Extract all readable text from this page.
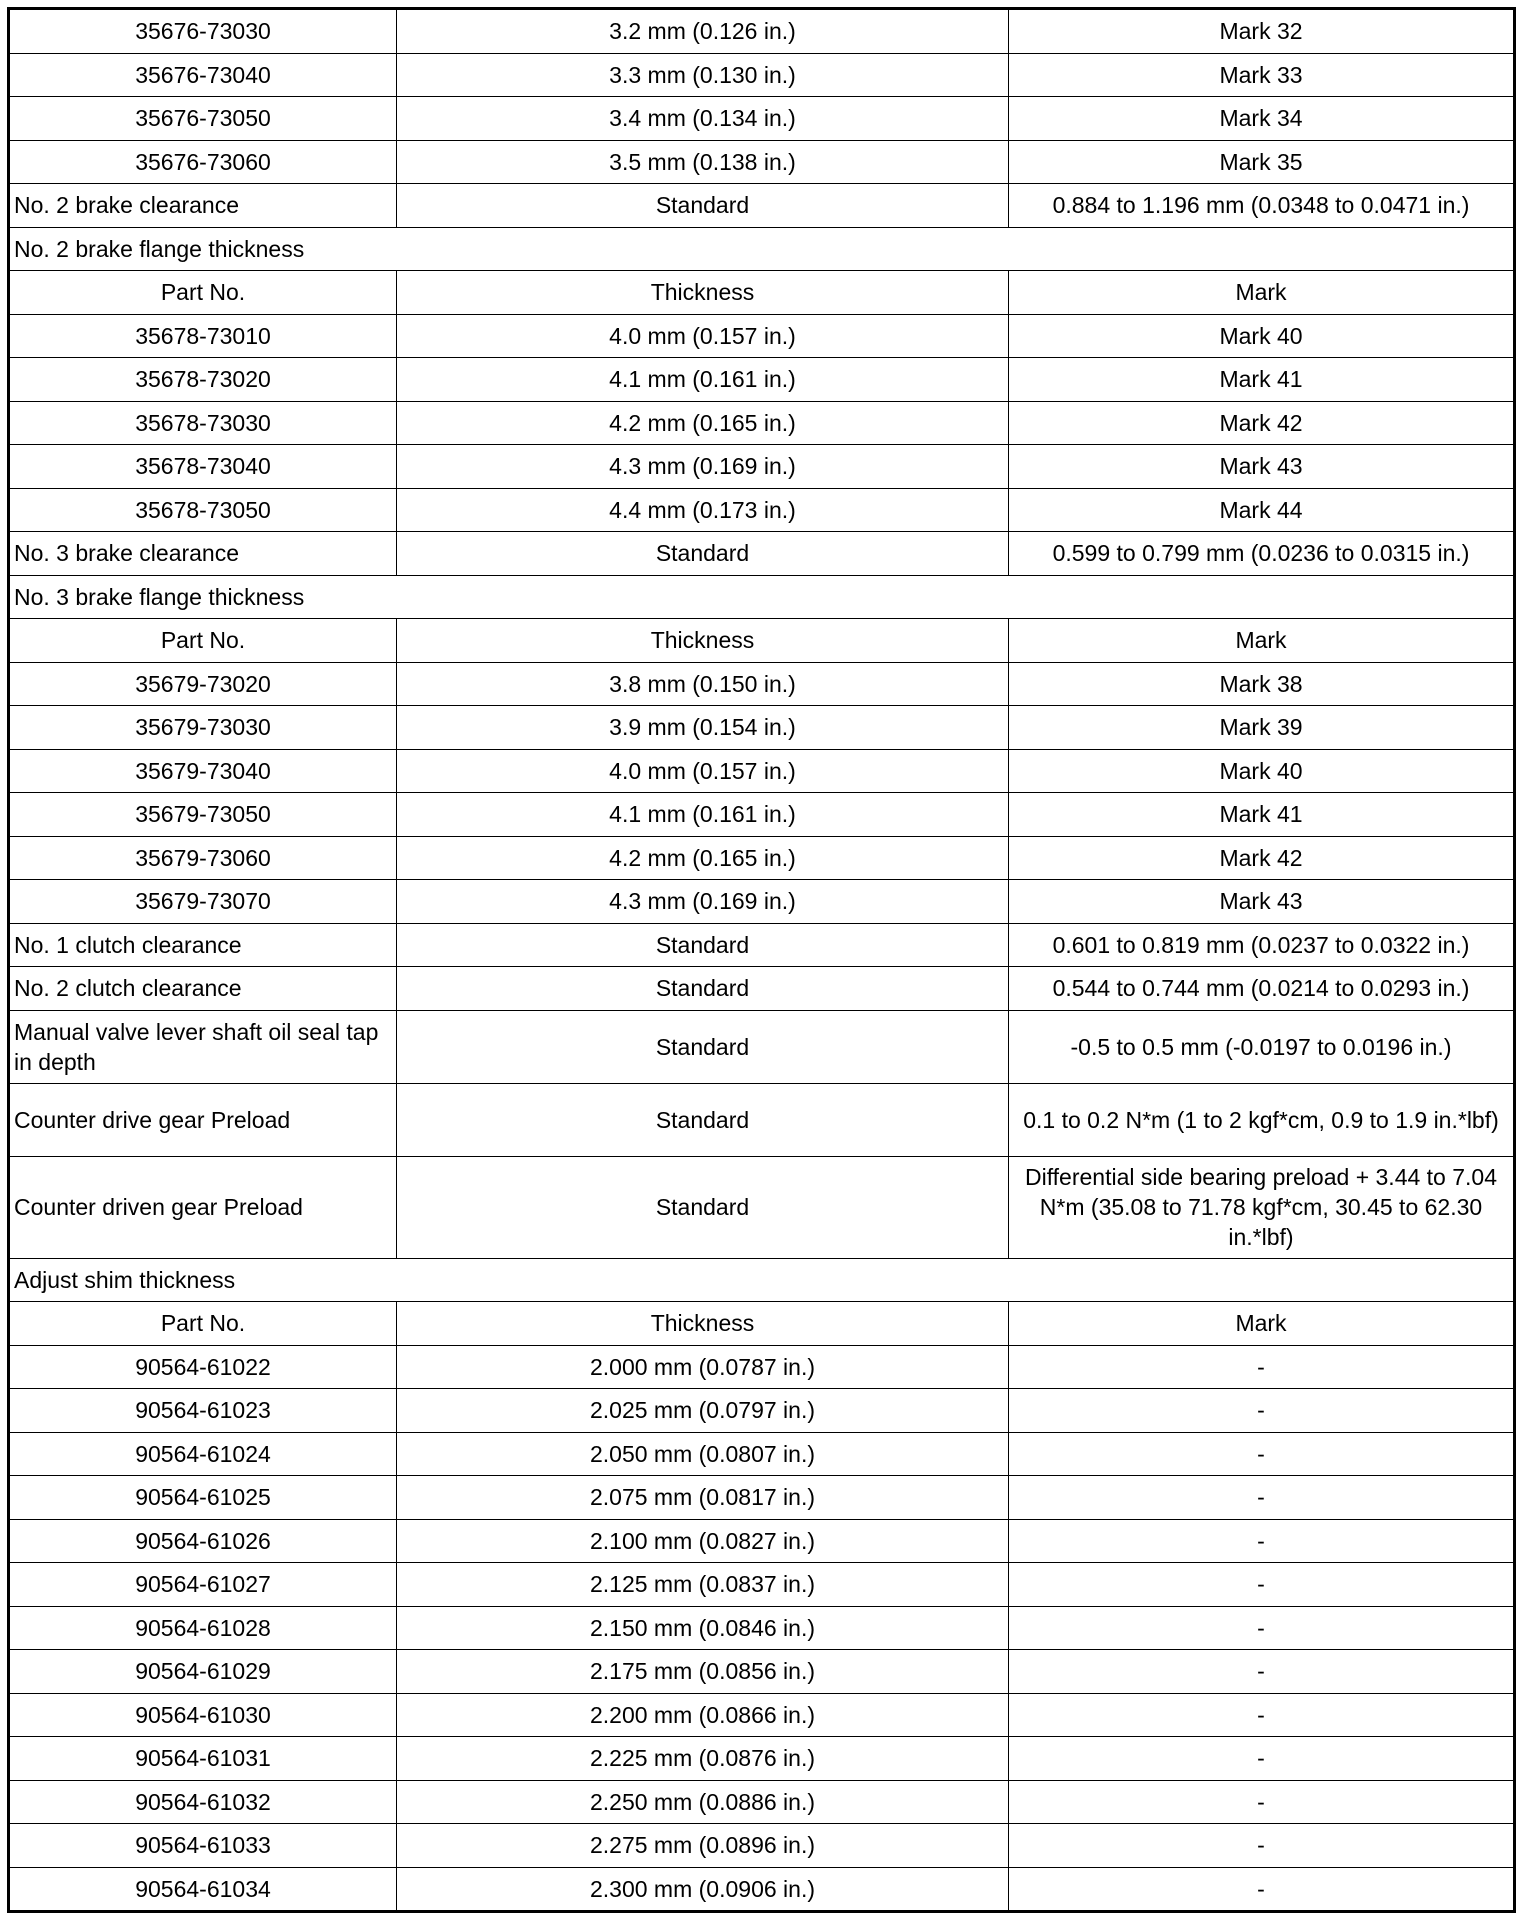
35676-73030	3.2 mm (0.126 in.)	Mark 32
35676-73040	3.3 mm (0.130 in.)	Mark 33
35676-73050	3.4 mm (0.134 in.)	Mark 34
35676-73060	3.5 mm (0.138 in.)	Mark 35
No. 2 brake clearance	Standard	0.884 to 1.196 mm (0.0348 to 0.0471 in.)
No. 2 brake flange thickness		
Part No.	Thickness	Mark
35678-73010	4.0 mm (0.157 in.)	Mark 40
35678-73020	4.1 mm (0.161 in.)	Mark 41
35678-73030	4.2 mm (0.165 in.)	Mark 42
35678-73040	4.3 mm (0.169 in.)	Mark 43
35678-73050	4.4 mm (0.173 in.)	Mark 44
No. 3 brake clearance	Standard	0.599 to 0.799 mm (0.0236 to 0.0315 in.)
No. 3 brake flange thickness		
Part No.	Thickness	Mark
35679-73020	3.8 mm (0.150 in.)	Mark 38
35679-73030	3.9 mm (0.154 in.)	Mark 39
35679-73040	4.0 mm (0.157 in.)	Mark 40
35679-73050	4.1 mm (0.161 in.)	Mark 41
35679-73060	4.2 mm (0.165 in.)	Mark 42
35679-73070	4.3 mm (0.169 in.)	Mark 43
No. 1 clutch clearance	Standard	0.601 to 0.819 mm (0.0237 to 0.0322 in.)
No. 2 clutch clearance	Standard	0.544 to 0.744 mm (0.0214 to 0.0293 in.)
Manual valve lever shaft oil seal tap in depth	Standard	-0.5 to 0.5 mm (-0.0197 to 0.0196 in.)
Counter drive gear Preload	Standard	0.1 to 0.2 N*m (1 to 2 kgf*cm, 0.9 to 1.9 in.*lbf)
Counter driven gear Preload	Standard	Differential side bearing preload + 3.44 to 7.04 N*m (35.08 to 71.78 kgf*cm, 30.45 to 62.30 in.*lbf)
Adjust shim thickness		
Part No.	Thickness	Mark
90564-61022	2.000 mm (0.0787 in.)	-
90564-61023	2.025 mm (0.0797 in.)	-
90564-61024	2.050 mm (0.0807 in.)	-
90564-61025	2.075 mm (0.0817 in.)	-
90564-61026	2.100 mm (0.0827 in.)	-
90564-61027	2.125 mm (0.0837 in.)	-
90564-61028	2.150 mm (0.0846 in.)	-
90564-61029	2.175 mm (0.0856 in.)	-
90564-61030	2.200 mm (0.0866 in.)	-
90564-61031	2.225 mm (0.0876 in.)	-
90564-61032	2.250 mm (0.0886 in.)	-
90564-61033	2.275 mm (0.0896 in.)	-
90564-61034	2.300 mm (0.0906 in.)	-
